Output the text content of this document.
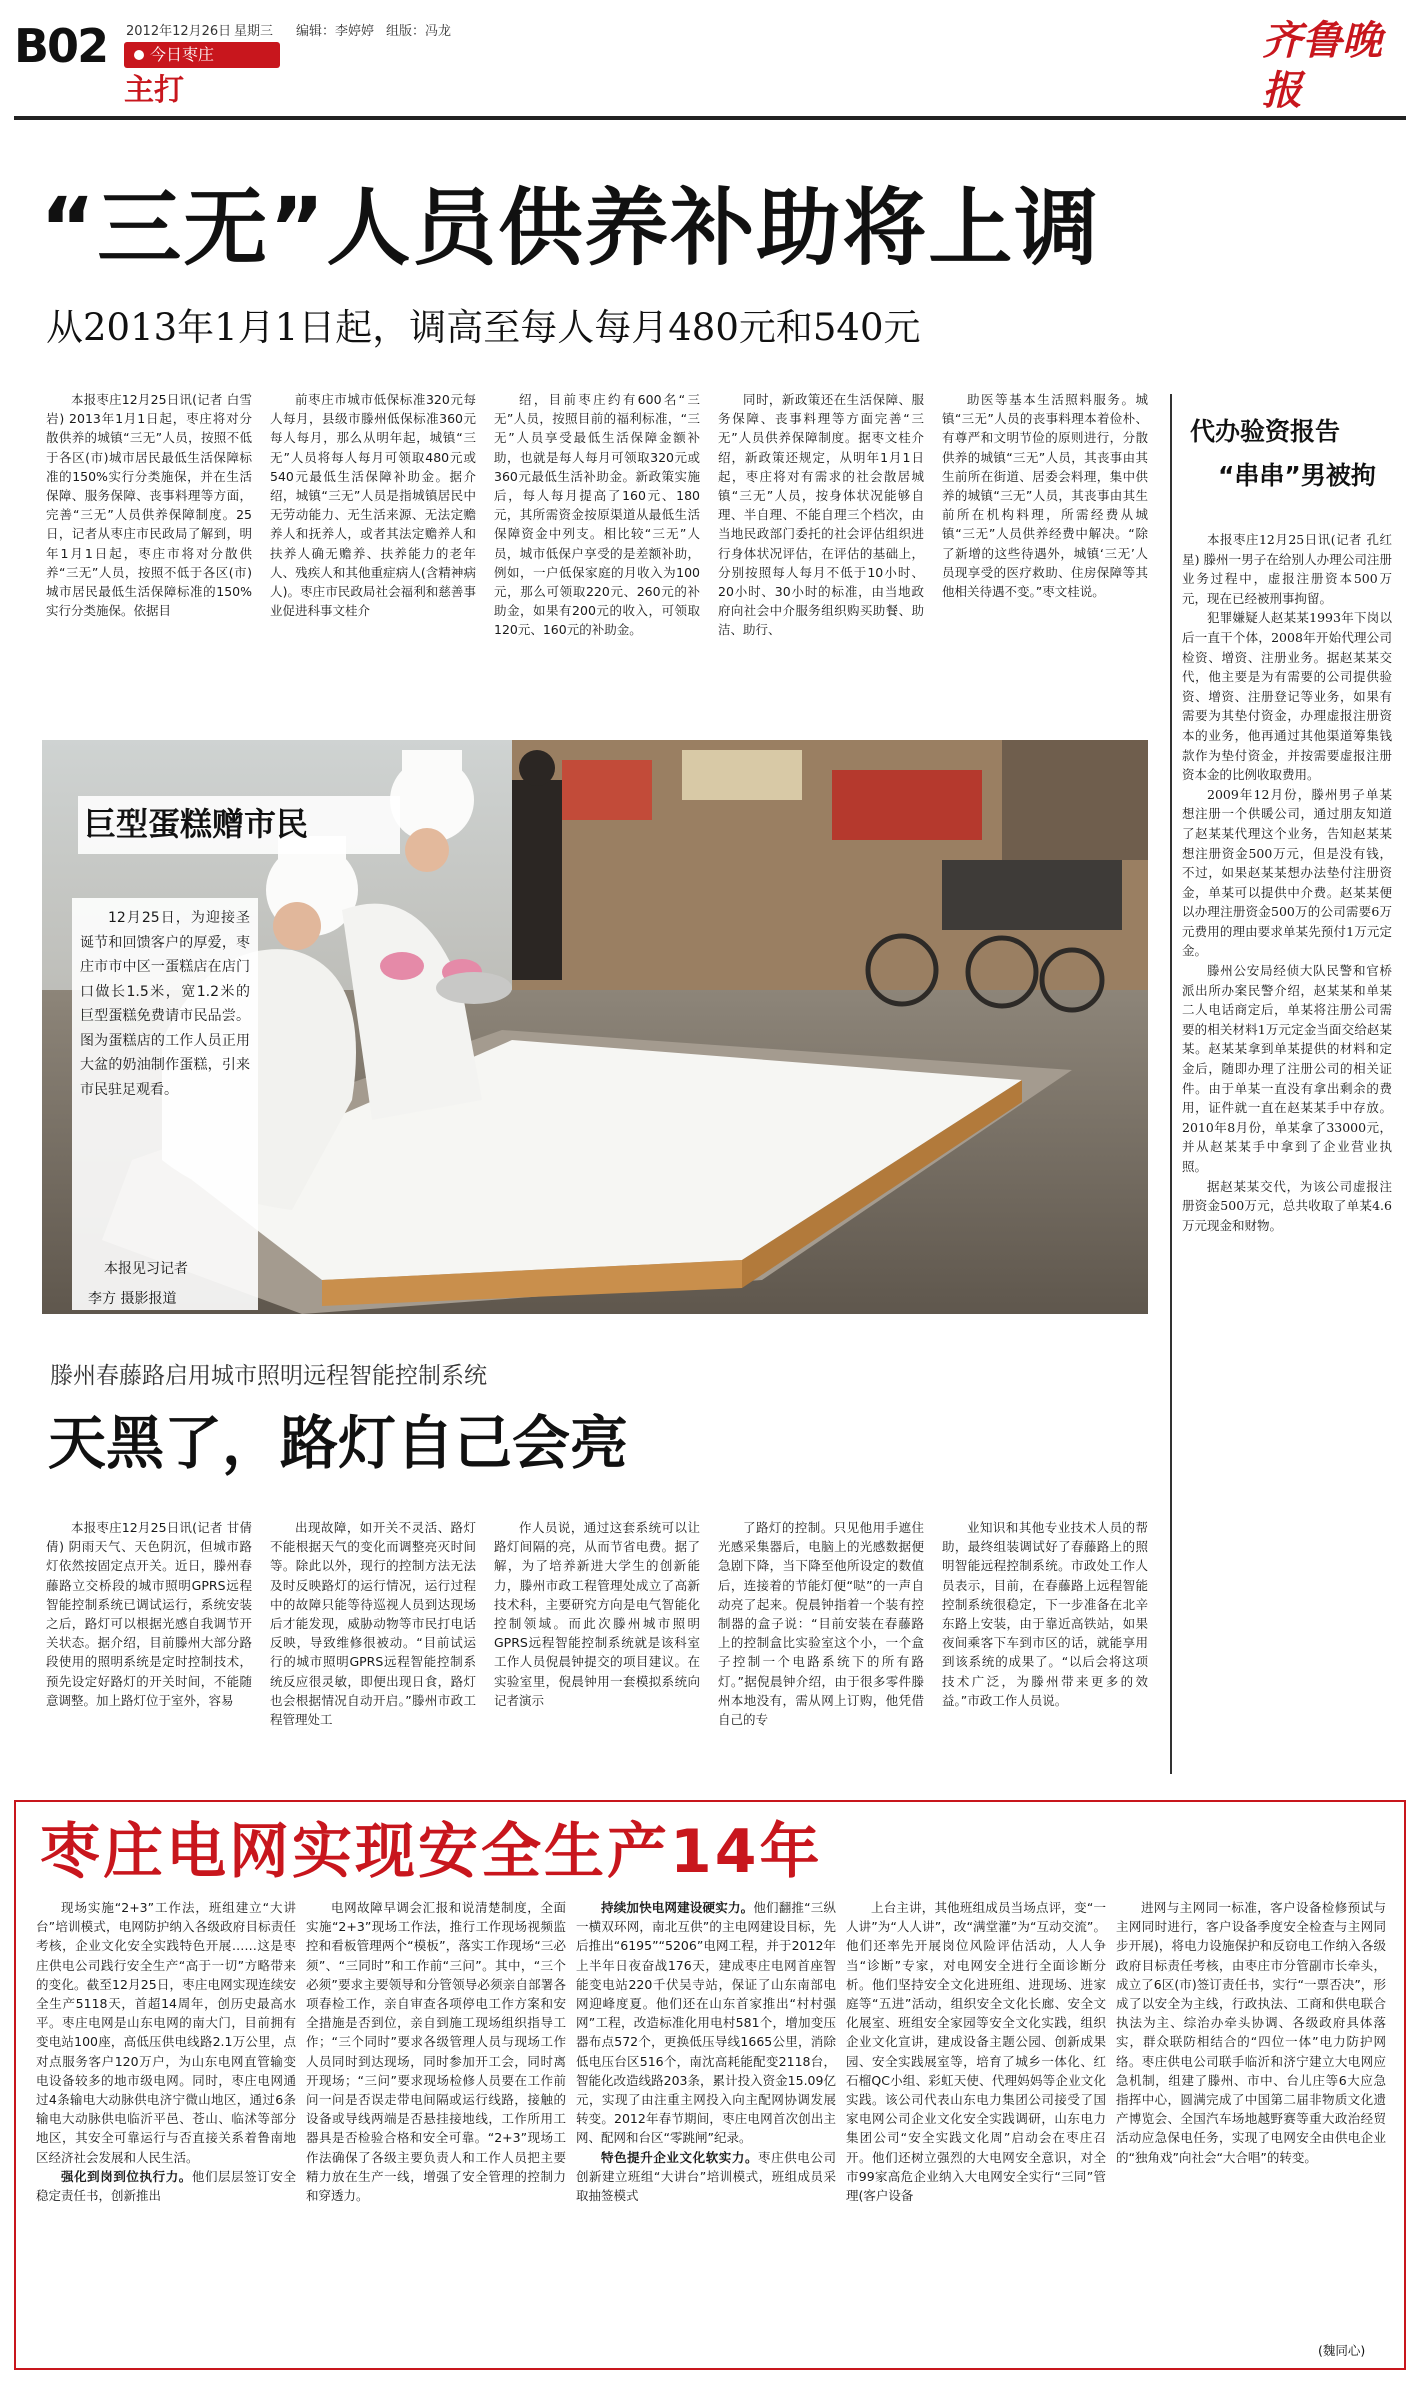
B02 2012年12月26日 星期三 编辑：李婷婷 组版：冯龙
今日枣庄
主打
齐鲁晚报
“三无”人员供养补助将上调
从2013年1月1日起，调高至每人每月480元和540元

本报枣庄12月25日讯(记者 白雪岩) 2013年1月1日起，枣庄将对分散供养的城镇“三无”人员，按照不低于各区(市)城市居民最低生活保障标准的150%实行分类施保，并在生活保障、服务保障、丧事料理等方面，完善“三无”人员供养保障制度。25日，记者从枣庄市民政局了解到，明年1月1日起，枣庄市将对分散供养“三无”人员，按照不低于各区(市)城市居民最低生活保障标准的150%实行分类施保。依据目

前枣庄市城市低保标准320元每人每月，县级市滕州低保标准360元每人每月，那么从明年起，城镇“三无”人员将每人每月可领取480元或540元最低生活保障补助金。据介绍，城镇“三无”人员是指城镇居民中无劳动能力、无生活来源、无法定赡养人和抚养人，或者其法定赡养人和扶养人确无赡养、扶养能力的老年人、残疾人和其他重症病人(含精神病人)。枣庄市民政局社会福利和慈善事业促进科事文桂介

绍，目前枣庄约有600名“三无”人员，按照目前的福利标准，“三无”人员享受最低生活保障金额补助，也就是每人每月可领取320元或360元最低生活补助金。新政策实施后，每人每月提高了160元、180元，其所需资金按原渠道从最低生活保障资金中列支。相比较“三无”人员，城市低保户享受的是差额补助，例如，一户低保家庭的月收入为100元，那么可领取220元、260元的补助金，如果有200元的收入，可领取120元、160元的补助金。

同时，新政策还在生活保障、服务保障、丧事料理等方面完善“三无”人员供养保障制度。据枣文桂介绍，新政策还规定，从明年1月1日起，枣庄将对有需求的社会散居城镇“三无”人员，按身体状况能够自理、半自理、不能自理三个档次，由当地民政部门委托的社会评估组织进行身体状况评估，在评估的基础上，分别按照每人每月不低于10小时、20小时、30小时的标准，由当地政府向社会中介服务组织购买助餐、助洁、助行、

助医等基本生活照料服务。城镇“三无”人员的丧事料理本着俭朴、有尊严和文明节俭的原则进行，分散供养的城镇“三无”人员，其丧事由其生前所在街道、居委会料理，集中供养的城镇“三无”人员，其丧事由其生前所在机构料理，所需经费从城镇“三无”人员供养经费中解决。“除了新增的这些待遇外，城镇‘三无’人员现享受的医疗救助、住房保障等其他相关待遇不变。”枣文桂说。

巨型蛋糕赠市民

12月25日，为迎接圣诞节和回馈客户的厚爱，枣庄市市中区一蛋糕店在店门口做长1.5米，宽1.2米的巨型蛋糕免费请市民品尝。图为蛋糕店的工作人员正用大盆的奶油制作蛋糕，引来市民驻足观看。

本报见习记者
李方 摄影报道
代办验资报告
“串串”男被拘

本报枣庄12月25日讯(记者 孔红星) 滕州一男子在给别人办理公司注册业务过程中，虚报注册资本500万元，现在已经被刑事拘留。

犯罪嫌疑人赵某某1993年下岗以后一直干个体，2008年开始代理公司检资、增资、注册业务。据赵某某交代，他主要是为有需要的公司提供验资、增资、注册登记等业务，如果有需要为其垫付资金，办理虚报注册资本的业务，他再通过其他渠道筹集钱款作为垫付资金，并按需要虚报注册资本金的比例收取费用。

2009年12月份，滕州男子单某想注册一个供暖公司，通过朋友知道了赵某某代理这个业务，告知赵某某想注册资金500万元，但是没有钱，不过，如果赵某某想办法垫付注册资金，单某可以提供中介费。赵某某便以办理注册资金500万的公司需要6万元费用的理由要求单某先预付1万元定金。

滕州公安局经侦大队民警和官桥派出所办案民警介绍，赵某某和单某二人电话商定后，单某将注册公司需要的相关材料1万元定金当面交给赵某某。赵某某拿到单某提供的材料和定金后，随即办理了注册公司的相关证件。由于单某一直没有拿出剩余的费用，证件就一直在赵某某手中存放。2010年8月份，单某拿了33000元，并从赵某某手中拿到了企业营业执照。

据赵某某交代，为该公司虚报注册资金500万元，总共收取了单某4.6万元现金和财物。

滕州春藤路启用城市照明远程智能控制系统
天黑了，路灯自己会亮

本报枣庄12月25日讯(记者 甘倩倩) 阴雨天气、天色阴沉，但城市路灯依然按固定点开关。近日，滕州春藤路立交桥段的城市照明GPRS远程智能控制系统已调试运行，系统安装之后，路灯可以根据光感自我调节开关状态。据介绍，目前滕州大部分路段使用的照明系统是定时控制技术，预先设定好路灯的开关时间，不能随意调整。加上路灯位于室外，容易

出现故障，如开关不灵活、路灯不能根据天气的变化而调整亮灭时间等。除此以外，现行的控制方法无法及时反映路灯的运行情况，运行过程中的故障只能等待巡视人员到达现场后才能发现，威胁动物等市民打电话反映，导致维修很被动。“目前试运行的城市照明GPRS远程智能控制系统反应很灵敏，即便出现日食，路灯也会根据情况自动开启。”滕州市政工程管理处工

作人员说，通过这套系统可以让路灯间隔的亮，从而节省电费。据了解，为了培养新进大学生的创新能力，滕州市政工程管理处成立了高新技术科，主要研究方向是电气智能化控制领域。而此次滕州城市照明GPRS远程智能控制系统就是该科室工作人员倪晨钟提交的项目建议。在实验室里，倪晨钟用一套模拟系统向记者演示

了路灯的控制。只见他用手遮住光感采集器后，电脑上的光感数据便急剧下降，当下降至他所设定的数值后，连接着的节能灯便“哒”的一声自动亮了起来。倪晨钟指着一个装有控制器的盒子说：“目前安装在春藤路上的控制盒比实验室这个小，一个盒子控制一个电路系统下的所有路灯。”据倪晨钟介绍，由于很多零件滕州本地没有，需从网上订购，他凭借自己的专

业知识和其他专业技术人员的帮助，最终组装调试好了春藤路上的照明智能远程控制系统。市政处工作人员表示，目前，在春藤路上远程智能控制系统很稳定，下一步准备在北辛东路上安装，由于靠近高铁站，如果夜间乘客下车到市区的话，就能享用到该系统的成果了。“以后会将这项技术广泛，为滕州带来更多的效益。”市政工作人员说。

枣庄电网实现安全生产14年

现场实施“2+3”工作法，班组建立“大讲台”培训模式，电网防护纳入各级政府目标责任考核，企业文化安全实践特色开展……这是枣庄供电公司践行安全生产“高于一切”方略带来的变化。截至12月25日，枣庄电网实现连续安全生产5118天，首超14周年，创历史最高水平。枣庄电网是山东电网的南大门，目前拥有变电站100座，高低压供电线路2.1万公里，点对点服务客户120万户，为山东电网直管输变电设备较多的地市级电网。同时，枣庄电网通过4条输电大动脉供电济宁微山地区，通过6条输电大动脉供电临沂平邑、苍山、临沭等部分地区，其安全可靠运行与否直接关系着鲁南地区经济社会发展和人民生活。

强化到岗到位执行力。他们层层签订安全稳定责任书，创新推出

电网故障早调会汇报和说清楚制度，全面实施“2+3”现场工作法，推行工作现场视频监控和看板管理两个“模板”，落实工作现场“三必须”、“三同时”和工作前“三问”。其中，“三个必须”要求主要领导和分管领导必须亲自部署各项春检工作，亲自审查各项停电工作方案和安全措施是否到位，亲自到施工现场组织指导工作；“三个同时”要求各级管理人员与现场工作人员同时到达现场，同时参加开工会，同时离开现场；“三问”要求现场检修人员要在工作前问一问是否误走带电间隔或运行线路，接触的设备或导线两端是否悬挂接地线，工作所用工器具是否检验合格和安全可靠。“2+3”现场工作法确保了各级主要负责人和工作人员把主要精力放在生产一线，增强了安全管理的控制力和穿透力。

持续加快电网建设硬实力。他们翻推“三纵一横双环网，南北互供”的主电网建设目标，先后推出“6195”“5206”电网工程，并于2012年上半年日夜奋战176天，建成枣庄电网首座智能变电站220千伏吴寺站，保证了山东南部电网迎峰度夏。他们还在山东首家推出“村村强网”工程，改造标准化用电村581个，增加变压器布点572个，更换低压导线1665公里，消除低电压台区516个，南沈高耗能配变2118台，智能化改造线路203条，累计投入资金15.09亿元，实现了由注重主网投入向主配网协调发展转变。2012年春节期间，枣庄电网首次创出主网、配网和台区“零跳闸”纪录。

特色提升企业文化软实力。枣庄供电公司创新建立班组“大讲台”培训模式，班组成员采取抽签模式

上台主讲，其他班组成员当场点评，变“一人讲”为“人人讲”，改“满堂灌”为“互动交流”。他们还率先开展岗位风险评估活动，人人争当“诊断”专家，对电网安全进行全面诊断分析。他们坚持安全文化进班组、进现场、进家庭等“五进”活动，组织安全文化长廊、安全文化展室、班组安全家园等安全文化实践，组织企业文化宣讲，建成设备主题公园、创新成果园、安全实践展室等，培育了城乡一体化、红石榴QC小组、彩虹天使、代理妈妈等企业文化实践。该公司代表山东电力集团公司接受了国家电网公司企业文化安全实践调研，山东电力集团公司“安全实践文化周”启动会在枣庄召开。他们还树立强烈的大电网安全意识，对全市99家高危企业纳入大电网安全实行“三同”管理(客户设备

进网与主网同一标准，客户设备检修预试与主网同时进行，客户设备季度安全检查与主网同步开展)，将电力设施保护和反窃电工作纳入各级政府目标责任考核，由枣庄市分管副市长牵头，成立了6区(市)签订责任书，实行“一票否决”，形成了以安全为主线，行政执法、工商和供电联合执法为主、综治办牵头协调、各级政府具体落实，群众联防相结合的“四位一体”电力防护网络。枣庄供电公司联手临沂和济宁建立大电网应急机制，组建了滕州、市中、台儿庄等6大应急指挥中心，圆满完成了中国第二届非物质文化遗产博览会、全国汽车场地越野赛等重大政治经贸活动应急保电任务，实现了电网安全由供电企业的“独角戏”向社会“大合唱”的转变。

(魏同心)
